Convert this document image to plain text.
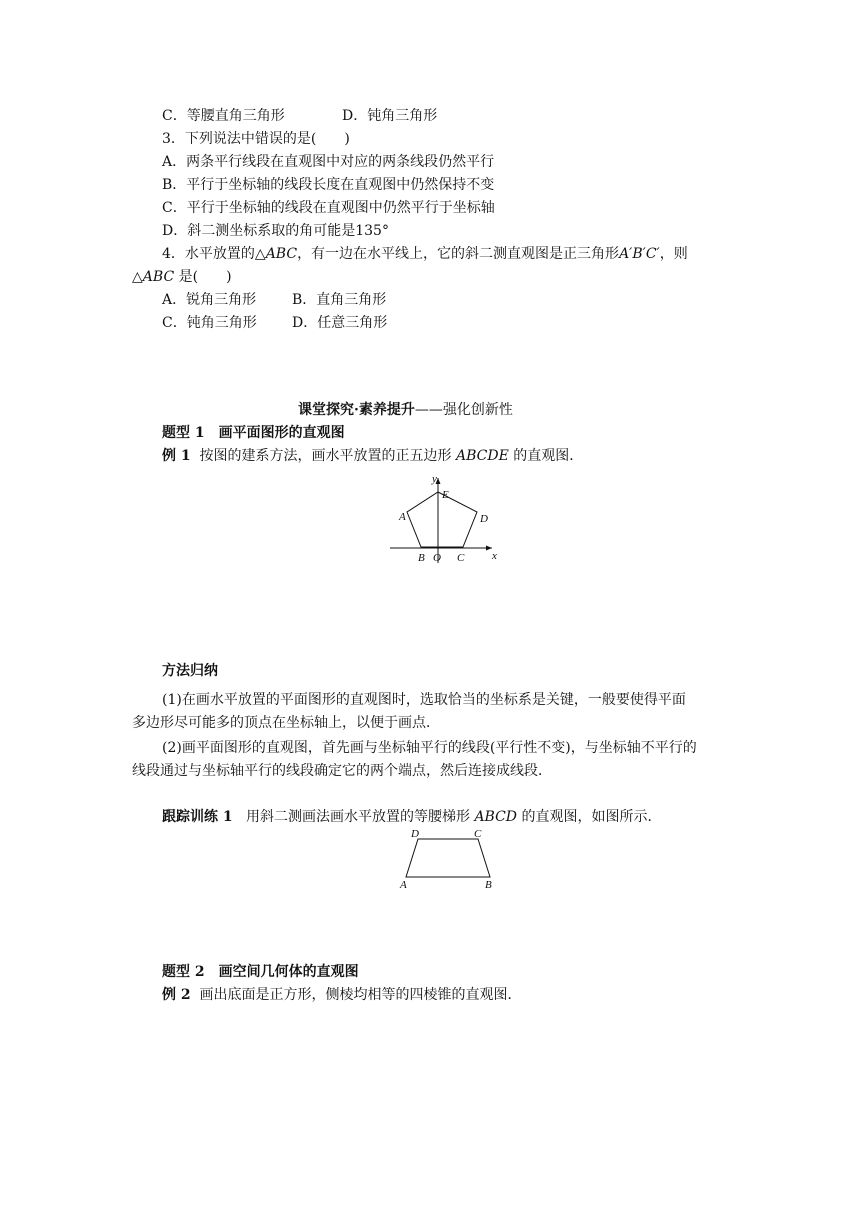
C．等腰直角三角形	D．钝角三角形
3．下列说法中错误的是(　　)
A．两条平行线段在直观图中对应的两条线段仍然平行
B．平行于坐标轴的线段长度在直观图中仍然保持不变
C．平行于坐标轴的线段在直观图中仍然平行于坐标轴
D．斜二测坐标系取的角可能是135°
4．水平放置的△ABC，有一边在水平线上，它的斜二测直观图是正三角形A′B′C′，则
△ABC 是(　　)
A．锐角三角形	B．直角三角形
C．钝角三角形	D．任意三角形
课堂探究·素养提升——强化创新性
题型 1　画平面图形的直观图
例 1 按图的建系方法，画水平放置的正五边形 ABCDE 的直观图．
y
x
E
A	D
B O C
方法归纳
(1)在画水平放置的平面图形的直观图时，选取恰当的坐标系是关键，一般要使得平面
多边形尽可能多的顶点在坐标轴上，以便于画点．
(2)画平面图形的直观图，首先画与坐标轴平行的线段(平行性不变)，与坐标轴不平行的
线段通过与坐标轴平行的线段确定它的两个端点，然后连接成线段．
跟踪训练 1 用斜二测画法画水平放置的等腰梯形 ABCD 的直观图，如图所示．
D	C
A	B
题型 2　画空间几何体的直观图
例 2 画出底面是正方形，侧棱均相等的四棱锥的直观图．
